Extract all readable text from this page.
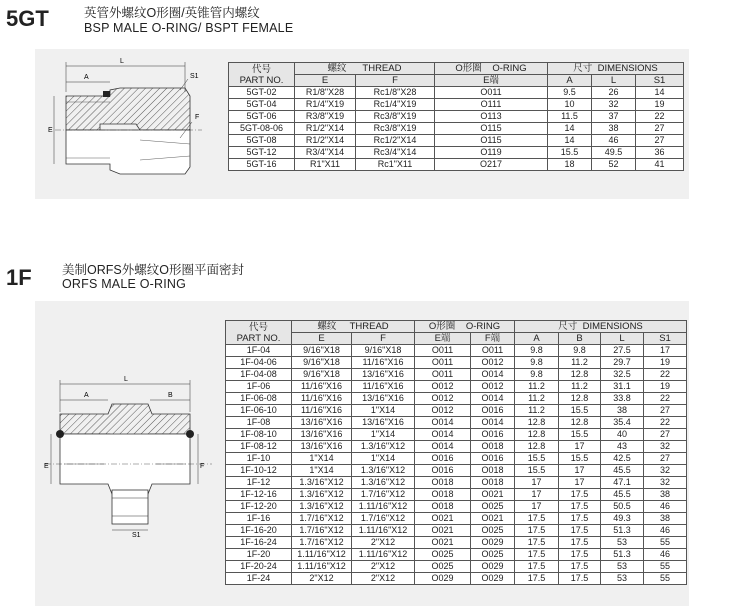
5GT	英管外螺纹O形圈/英锥管内螺纹
BSP MALE O-RING/ BSPT FEMALE
L
A	S1
E
F
代号
PART NO.	螺纹 THREAD		O形圈 O-RING	尺寸 DIMENSIONS		
	E	F	E端	A	L	S1
5GT-02	R1/8"X28	Rc1/8"X28	O011	9.5	26	14
5GT-04	R1/4"X19	Rc1/4"X19	O111	10	32	19
5GT-06	R3/8"X19	Rc3/8"X19	O113	11.5	37	22
5GT-08-06	R1/2"X14	Rc3/8"X19	O115	14	38	27
5GT-08	R1/2"X14	Rc1/2"X14	O115	14	46	27
5GT-12	R3/4"X14	Rc3/4"X14	O119	15.5	49.5	36
5GT-16	R1"X11	Rc1"X11	O217	18	52	41
1F 美制ORFS外螺纹O形圈平面密封
ORFS MALE O-RING
L
A	B
E	F
S1
代号
PART NO.	螺纹 THREAD		O形圈 O-RING		尺寸 DIMENSIONS			
	E	F	E端	F端	A	B	L	S1
1F-04	9/16"X18	9/16"X18	O011	O011	9.8	9.8	27.5	17
1F-04-06	9/16"X18	11/16"X16	O011	O012	9.8	11.2	29.7	19
1F-04-08	9/16"X18	13/16"X16	O011	O014	9.8	12.8	32.5	22
1F-06	11/16"X16	11/16"X16	O012	O012	11.2	11.2	31.1	19
1F-06-08	11/16"X16	13/16"X16	O012	O014	11.2	12.8	33.8	22
1F-06-10	11/16"X16	1"X14	O012	O016	11.2	15.5	38	27
1F-08	13/16"X16	13/16"X16	O014	O014	12.8	12.8	35.4	22
1F-08-10	13/16"X16	1"X14	O014	O016	12.8	15.5	40	27
1F-08-12	13/16"X16	1.3/16"X12	O014	O018	12.8	17	43	32
1F-10	1"X14	1"X14	O016	O016	15.5	15.5	42.5	27
1F-10-12	1"X14	1.3/16"X12	O016	O018	15.5	17	45.5	32
1F-12	1.3/16"X12	1.3/16"X12	O018	O018	17	17	47.1	32
1F-12-16	1.3/16"X12	1.7/16"X12	O018	O021	17	17.5	45.5	38
1F-12-20	1.3/16"X12	1.11/16"X12	O018	O025	17	17.5	50.5	46
1F-16	1.7/16"X12	1.7/16"X12	O021	O021	17.5	17.5	49.3	38
1F-16-20	1.7/16"X12	1.11/16"X12	O021	O025	17.5	17.5	51.3	46
1F-16-24	1.7/16"X12	2"X12	O021	O029	17.5	17.5	53	55
1F-20	1.11/16"X12	1.11/16"X12	O025	O025	17.5	17.5	51.3	46
1F-20-24	1.11/16"X12	2"X12	O025	O029	17.5	17.5	53	55
1F-24	2"X12	2"X12	O029	O029	17.5	17.5	53	55
